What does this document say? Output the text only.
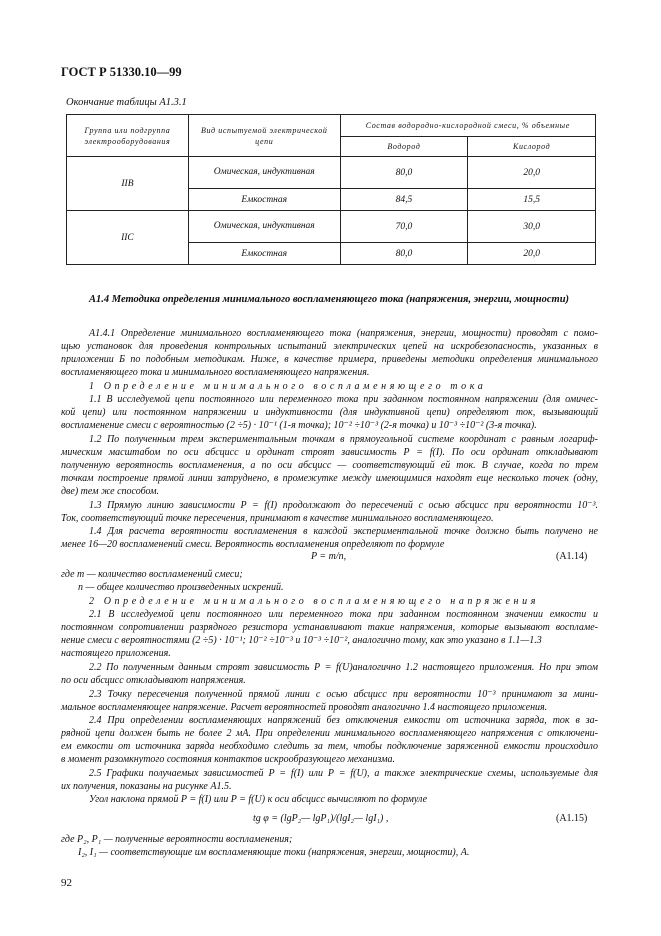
ГОСТ Р 51330.10—99
Окончание таблицы А1.3.1
Группа или подгруппа электрооборудования	Вид испытуемой электрической цепи	Состав водородно-кислородной смеси, % объемные	
		Водород	Кислород
IIB	Омическая, индуктивная	80,0	20,0
	Емкостная	84,5	15,5
IIC	Омическая, индуктивная	70,0	30,0
	Емкостная	80,0	20,0
А1.4 Методика определения минимального воспламеняющего тока (напряжения, энергии, мощности)
А1.4.1 Определение минимального воспламеняющего тока (напряжения, энергии, мощности) проводят с помо-
щью установок для проведения контрольных испытаний электрических цепей на искробезопасность, указанных в
приложении Б по подобным методикам. Ниже, в качестве примера, приведены методики определения минимального
воспламеняющего тока и минимального воспламеняющего напряжения.
1 Определение минимального воспламеняющего тока
1.1 В исследуемой цепи постоянного или переменного тока при заданном постоянном напряжении (для омичес-
кой цепи) или постоянном напряжении и индуктивности (для индуктивной цепи) определяют ток, вызывающий
воспламенение смеси с вероятностью (2 ÷5) · 10⁻¹ (1-я точка); 10⁻² ÷10⁻³ (2-я точка) и 10⁻³ ÷10⁻² (3-я точка).
1.2 По полученным трем экспериментальным точкам в прямоугольной системе координат с равным логариф-
мическим масштабом по оси абсцисс и ординат строят зависимость P = f(I). По оси ординат откладывают
полученную вероятность воспламенения, а по оси абсцисс — соответствующий ей ток. В случае, когда по трем
точкам построение прямой линии затруднено, в промежутке между имеющимися находят еще несколько точек (одну,
две) тем же способом.
1.3 Прямую линию зависимости P = f(I) продолжают до пересечений с осью абсцисс при вероятности 10⁻³.
Ток, соответствующий точке пересечения, принимают в качестве минимального воспламеняющего.
1.4 Для расчета вероятности воспламенения в каждой экспериментальной точке должно быть получено не
менее 16—20 воспламенений смеси. Вероятность воспламенения определяют по формуле
P = m/n,	(А1.14)
где m — количество воспламенений смеси;
n — общее количество произведенных искрений.
2 Определение минимального воспламеняющего напряжения
2.1 В исследуемой цепи постоянного или переменного тока при заданном постоянном значении емкости и
постоянном сопротивлении разрядного резистора устанавливают такие напряжения, которые вызывают воспламе-
нение смеси с вероятностями (2 ÷5) · 10⁻¹; 10⁻² ÷10⁻³ и 10⁻³ ÷10⁻², аналогично тому, как это указано в 1.1—1.3
настоящего приложения.
2.2 По полученным данным строят зависимость P = f(U)аналогично 1.2 настоящего приложения. Но при этом
по оси абсцисс откладывают напряжения.
2.3 Точку пересечения полученной прямой линии с осью абсцисс при вероятности 10⁻³ принимают за мини-
мальное воспламеняющее напряжение. Расчет вероятностей проводят аналогично 1.4 настоящего приложения.
2.4 При определении воспламеняющих напряжений без отключения емкости от источника заряда, ток в за-
рядной цепи должен быть не более 2 мА. При определении минимального воспламеняющего напряжения с отключени-
ем емкости от источника заряда необходимо следить за тем, чтобы подключение заряженной емкости происходило
в момент разомкнутого состояния контактов искрообразующего механизма.
2.5 Графики получаемых зависимостей P = f(I) или P = f(U), а также электрические схемы, используемые для
их получения, показаны на рисунке А1.5.
Угол наклона прямой P = f(I) или P = f(U) к оси абсцисс вычисляют по формуле
tg φ = (lgP₂— lgP₁)/(lgI₂— lgI₁) ,	(А1.15)
где P₂, P₁ — полученные вероятности воспламенения;
I₂, I₁ — соответствующие им воспламеняющие токи (напряжения, энергии, мощности), А.
92
